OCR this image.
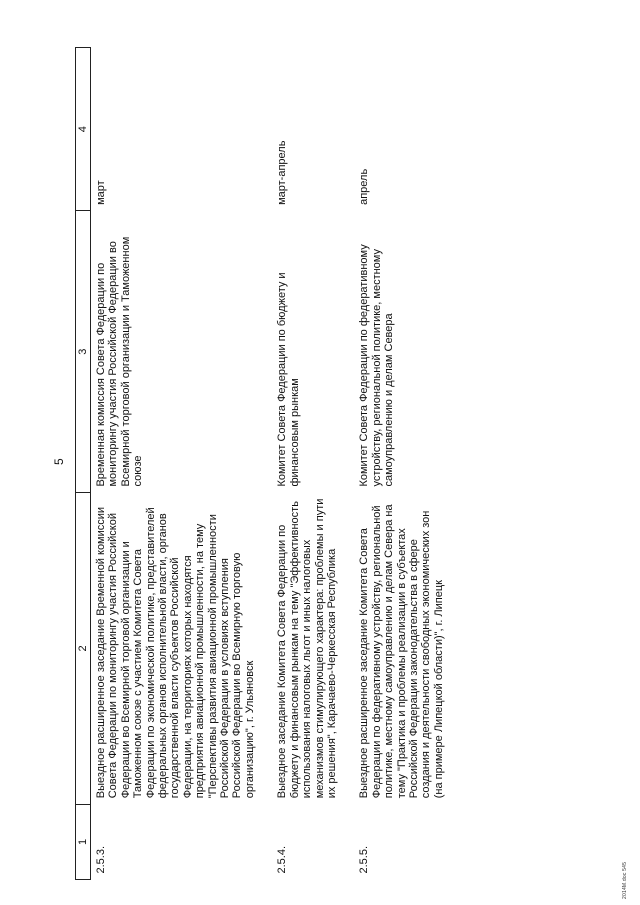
5
1	2	3	4
2.5.3.	Выездное расширенное заседание Временной комиссии Совета Федерации по мониторингу участия Российской Федерации во Всемирной торговой организации и Таможенном союзе с участием Комитета Совета Федерации по экономической политике, представителей федеральных органов исполнительной власти, органов государственной власти субъектов Российской Федерации, на территориях которых находятся предприятия авиационной промышленности, на тему "Перспективы развития авиационной промышленности Российской Федерации в условиях вступления Российской Федерации во Всемирную торговую организацию", г. Ульяновск	Временная комиссия Совета Федерации по мониторингу участия Российской Федерации во Всемирной торговой организации и Таможенном союзе	март
2.5.4.	Выездное заседание Комитета Совета Федерации по бюджету и финансовым рынкам на тему "Эффективность использования налоговых льгот и иных налоговых механизмов стимулирующего характера: проблемы и пути их решения", Карачаево-Черкесская Республика	Комитет Совета Федерации по бюджету и финансовым рынкам	март-апрель
2.5.5.	Выездное расширенное заседание Комитета Совета Федерации по федеративному устройству, региональной политике, местному самоуправлению и делам Севера на тему "Практика и проблемы реализации в субъектах Российской Федерации законодательства в сфере создания и деятельности свободных экономических зон (на примере Липецкой области)", г. Липецк	Комитет Совета Федерации по федеративному устройству, региональной политике, местному самоуправлению и делам Севера	апрель
2014M.doc 545
